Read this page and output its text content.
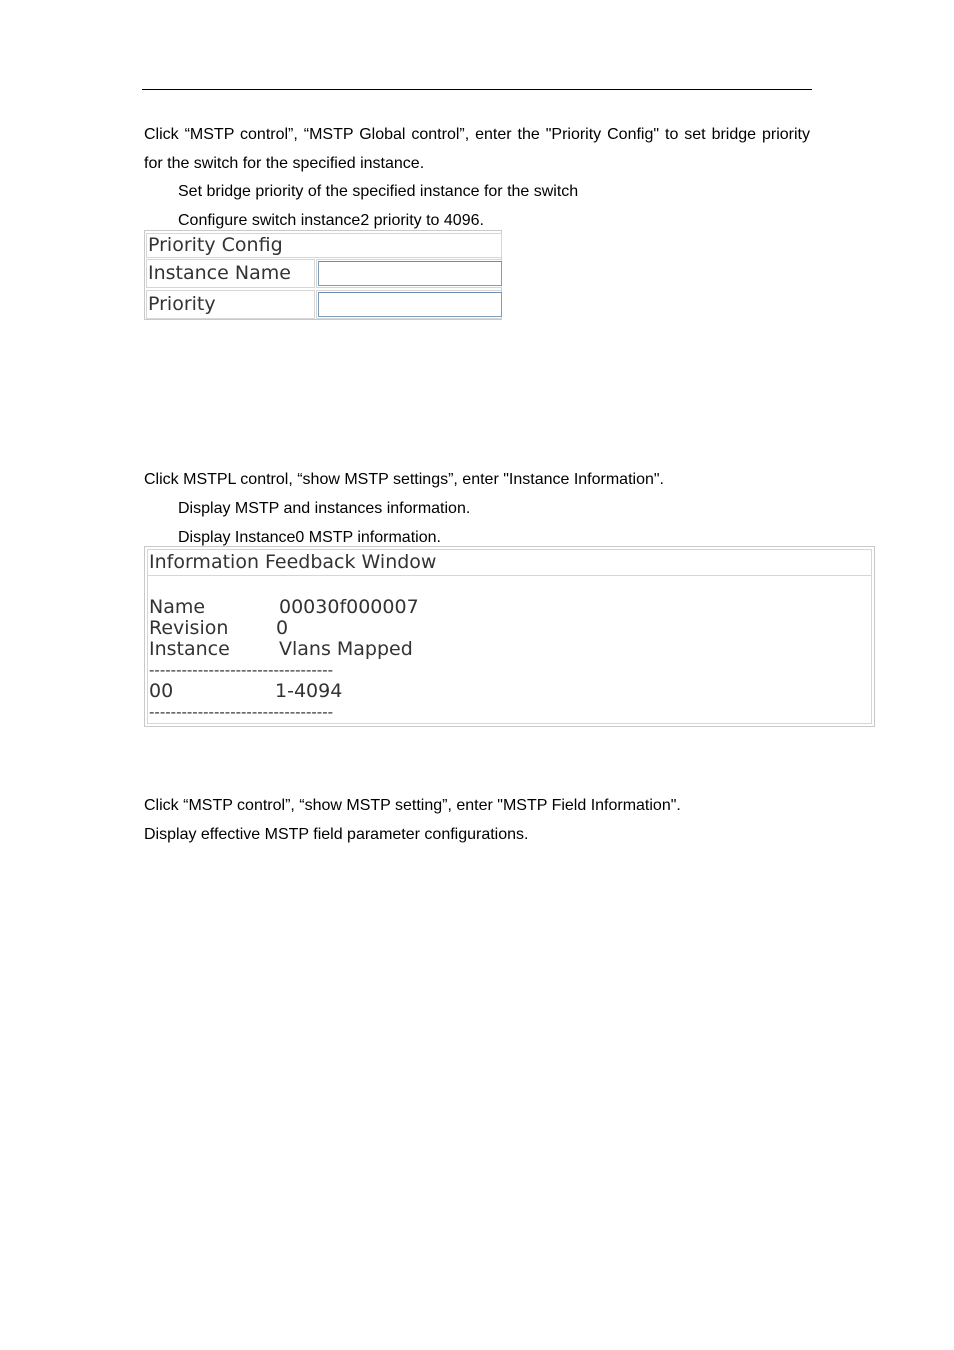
Click “MSTP control”, “MSTP Global control”, enter the "Priority Config" to set bridge priority for the switch for the specified instance.
Set bridge priority of the specified instance for the switch
Configure switch instance2 priority to 4096.
Priority Config
Instance Name
Priority
Click MSTPL control, “show MSTP settings”, enter "Instance Information".
Display MSTP and instances information.
Display Instance0 MSTP information.
Information Feedback Window
Name	00030f000007
Revision	0
Instance	Vlans Mapped
----------------------------------
00	1-4094
----------------------------------
Click “MSTP control”, “show MSTP setting”, enter "MSTP Field Information".
Display effective MSTP field parameter configurations.
